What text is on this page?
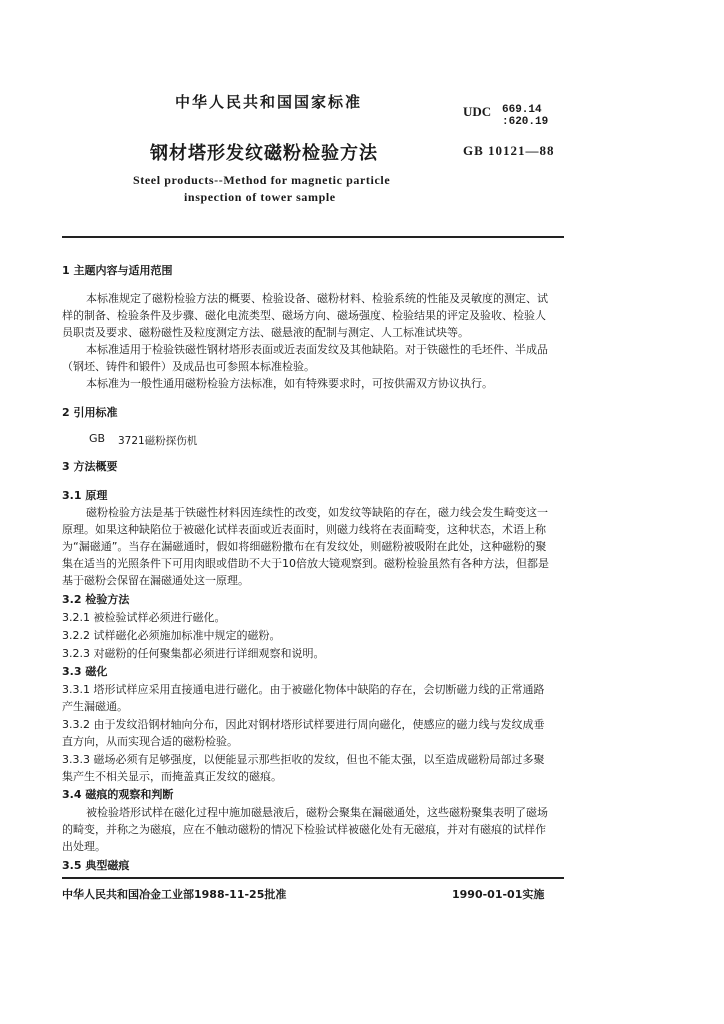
中华人民共和国国家标准
UDC 669.14
:620.19
钢材塔形发纹磁粉检验方法	GB 10121—88
Steel products--Method for magnetic particle
inspection of tower sample
1 主题内容与适用范围
本标准规定了磁粉检验方法的概要、检验设备、磁粉材料、检验系统的性能及灵敏度的测定、试
样的制备、检验条件及步骤、磁化电流类型、磁场方向、磁场强度、检验结果的评定及验收、检验人
员职责及要求、磁粉磁性及粒度测定方法、磁悬液的配制与测定、人工标准试块等。
本标准适用于检验铁磁性钢材塔形表面或近表面发纹及其他缺陷。对于铁磁性的毛坯件、半成品
（钢坯、铸件和锻件）及成品也可参照本标准检验。
本标准为一般性通用磁粉检验方法标准，如有特殊要求时，可按供需双方协议执行。
2 引用标准
GB 3721磁粉探伤机
3 方法概要
3.1 原理
磁粉检验方法是基于铁磁性材料因连续性的改变，如发纹等缺陷的存在，磁力线会发生畸变这一
原理。如果这种缺陷位于被磁化试样表面或近表面时，则磁力线将在表面畸变，这种状态，术语上称
为“漏磁通”。当存在漏磁通时，假如将细磁粉撒布在有发纹处，则磁粉被吸附在此处，这种磁粉的聚
集在适当的光照条件下可用肉眼或借助不大于10倍放大镜观察到。磁粉检验虽然有各种方法，但都是
基于磁粉会保留在漏磁通处这一原理。
3.2 检验方法
3.2.1 被检验试样必须进行磁化。
3.2.2 试样磁化必须施加标准中规定的磁粉。
3.2.3 对磁粉的任何聚集都必须进行详细观察和说明。
3.3 磁化
3.3.1 塔形试样应采用直接通电进行磁化。由于被磁化物体中缺陷的存在，会切断磁力线的正常通路
产生漏磁通。
3.3.2 由于发纹沿钢材轴向分布，因此对钢材塔形试样要进行周向磁化，使感应的磁力线与发纹成垂
直方向，从而实现合适的磁粉检验。
3.3.3 磁场必须有足够强度，以便能显示那些拒收的发纹，但也不能太强，以至造成磁粉局部过多聚
集产生不相关显示，而掩盖真正发纹的磁痕。
3.4 磁痕的观察和判断
被检验塔形试样在磁化过程中施加磁悬液后，磁粉会聚集在漏磁通处，这些磁粉聚集表明了磁场
的畸变，并称之为磁痕，应在不触动磁粉的情况下检验试样被磁化处有无磁痕，并对有磁痕的试样作
出处理。
3.5 典型磁痕
中华人民共和国冶金工业部1988-11-25批准	1990-01-01实施
